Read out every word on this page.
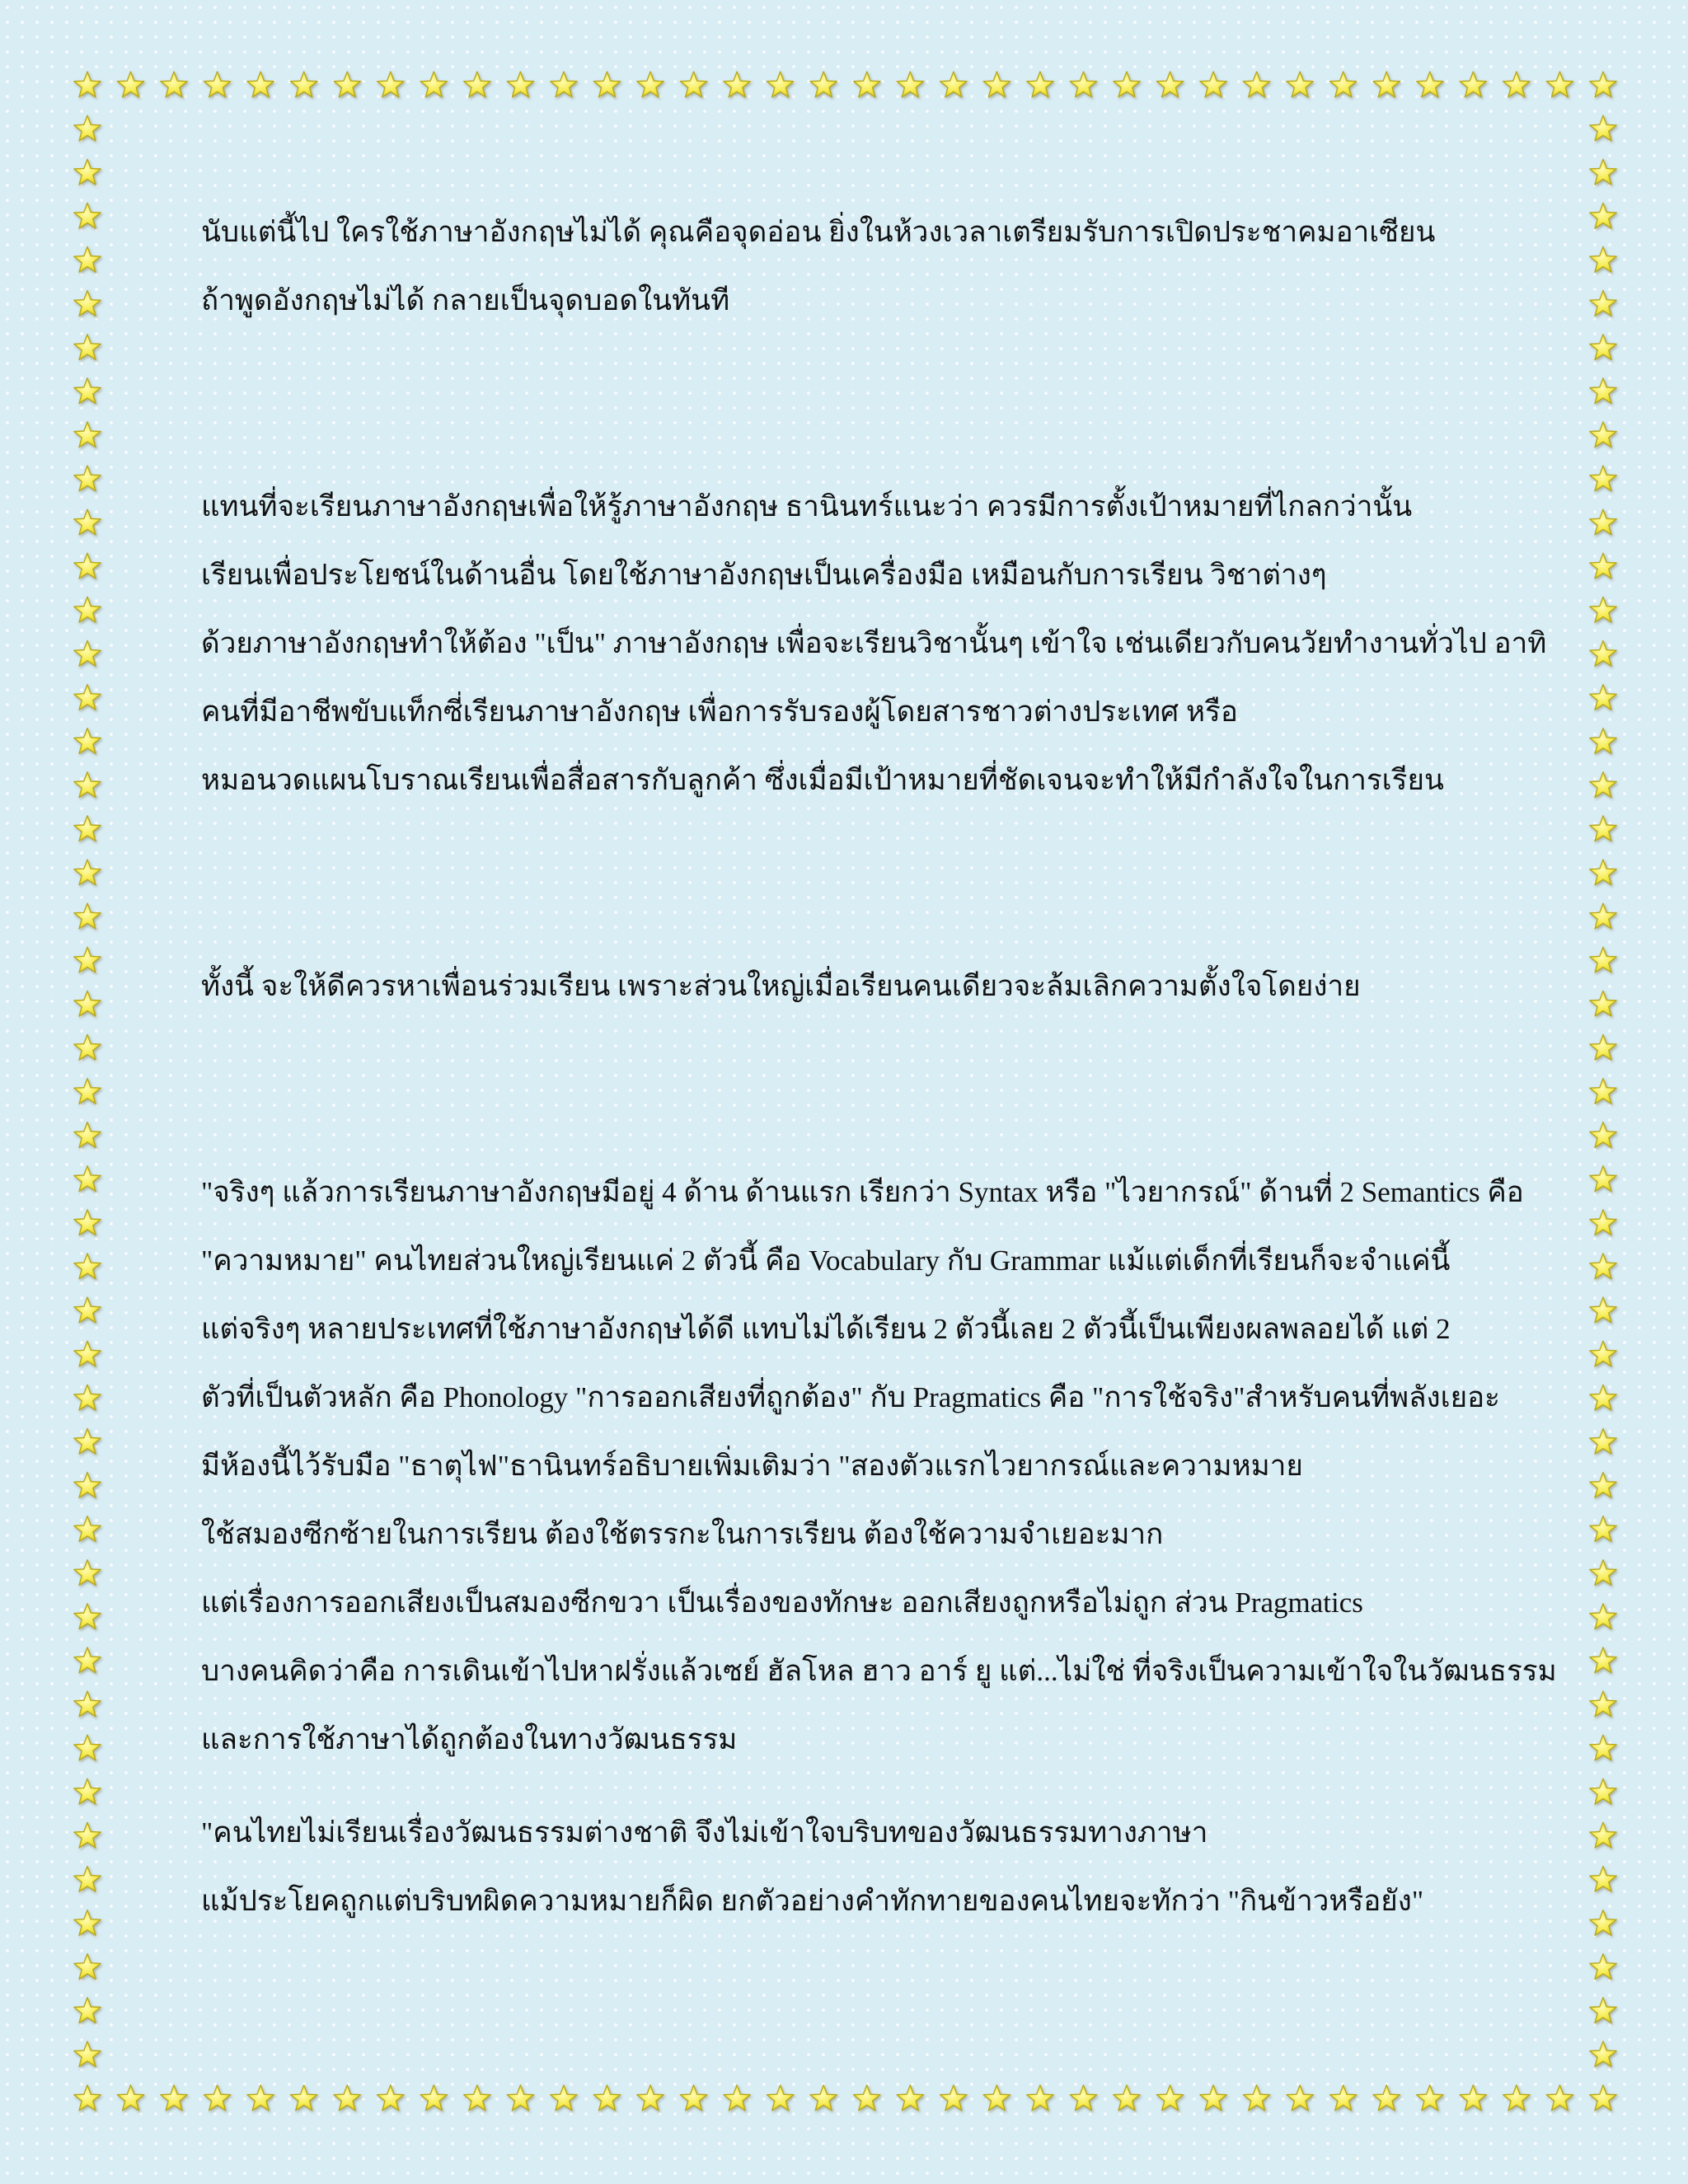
นับแต่นี้ไป ใครใช้ภาษาอังกฤษไม่ได้ คุณคือจุดอ่อน ยิ่งในห้วงเวลาเตรียมรับการเปิดประชาคมอาเซียน
ถ้าพูดอังกฤษไม่ได้ กลายเป็นจุดบอดในทันที

แทนที่จะเรียนภาษาอังกฤษเพื่อให้รู้ภาษาอังกฤษ ธานินทร์แนะว่า ควรมีการตั้งเป้าหมายที่ไกลกว่านั้น
เรียนเพื่อประโยชน์ในด้านอื่น โดยใช้ภาษาอังกฤษเป็นเครื่องมือ เหมือนกับการเรียน วิชาต่างๆ
ด้วยภาษาอังกฤษทำให้ต้อง "เป็น" ภาษาอังกฤษ เพื่อจะเรียนวิชานั้นๆ เข้าใจ เช่นเดียวกับคนวัยทำงานทั่วไป อาทิ
คนที่มีอาชีพขับแท็กซี่เรียนภาษาอังกฤษ เพื่อการรับรองผู้โดยสารชาวต่างประเทศ หรือ
หมอนวดแผนโบราณเรียนเพื่อสื่อสารกับลูกค้า ซึ่งเมื่อมีเป้าหมายที่ชัดเจนจะทำให้มีกำลังใจในการเรียน

ทั้งนี้ จะให้ดีควรหาเพื่อนร่วมเรียน เพราะส่วนใหญ่เมื่อเรียนคนเดียวจะล้มเลิกความตั้งใจโดยง่าย

"จริงๆ แล้วการเรียนภาษาอังกฤษมีอยู่ 4 ด้าน ด้านแรก เรียกว่า Syntax หรือ "ไวยากรณ์" ด้านที่ 2 Semantics คือ
"ความหมาย" คนไทยส่วนใหญ่เรียนแค่ 2 ตัวนี้ คือ Vocabulary กับ Grammar แม้แต่เด็กที่เรียนก็จะจำแค่นี้
แต่จริงๆ หลายประเทศที่ใช้ภาษาอังกฤษได้ดี แทบไม่ได้เรียน 2 ตัวนี้เลย 2 ตัวนี้เป็นเพียงผลพลอยได้ แต่ 2
ตัวที่เป็นตัวหลัก คือ Phonology "การออกเสียงที่ถูกต้อง" กับ Pragmatics คือ "การใช้จริง"สำหรับคนที่พลังเยอะ
มีห้องนี้ไว้รับมือ "ธาตุไฟ"ธานินทร์อธิบายเพิ่มเติมว่า "สองตัวแรกไวยากรณ์และความหมาย
ใช้สมองซีกซ้ายในการเรียน ต้องใช้ตรรกะในการเรียน ต้องใช้ความจำเยอะมาก
แต่เรื่องการออกเสียงเป็นสมองซีกขวา เป็นเรื่องของทักษะ ออกเสียงถูกหรือไม่ถูก ส่วน Pragmatics
บางคนคิดว่าคือ การเดินเข้าไปหาฝรั่งแล้วเซย์ ฮัลโหล ฮาว อาร์ ยู แต่...ไม่ใช่ ที่จริงเป็นความเข้าใจในวัฒนธรรม
และการใช้ภาษาได้ถูกต้องในทางวัฒนธรรม

"คนไทยไม่เรียนเรื่องวัฒนธรรมต่างชาติ จึงไม่เข้าใจบริบทของวัฒนธรรมทางภาษา
แม้ประโยคถูกแต่บริบทผิดความหมายก็ผิด ยกตัวอย่างคำทักทายของคนไทยจะทักว่า "กินข้าวหรือยัง"
